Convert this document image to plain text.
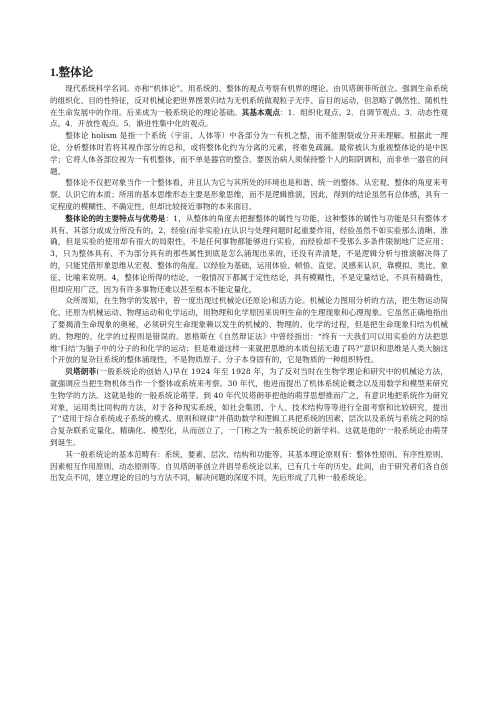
1.整体论

现代系统科学名词。亦称“机体论”。用系统的、整体的观点考察有机界的理论。由贝塔朗菲所创立。强调生命系统的组织化、目的性特征，反对机械论把世界图景归结为无机系统做观粒子无序、盲目的运动，但忽略了偶然性、随机性在生命发展中的作用。后来成为一般系统论的理论基础。其基本观点：1．组织化观点。2．自调节观点。3．动态性观点。4．开放性观点。5．渐进性集中化的观点。

整体论 holism 是指一个系统（宇宙、人体等）中各部分为一有机之整，而不能割裂或分开来理解。根据此一理论，分析整体时若将其视作部分的总和，或将整体化约为分离的元素，将难免疏漏。最常被认为重视整体论的是中医学；它将人体各部位视为一有机整体，而不单是器官的整合。要医治病人须保持整个人的阳阴调和，而非单一器官的问题。

整体论不仅把对象当作一个整体看，并且认为它与其所处的环境也是和谐、统一的整体。从宏观、整体的角度来考察、认识它的本质；所用的基本思维形态主要是形象思维，而不是逻辑推演，因此，得到的结论虽然有总体感，具有一定程度的模糊性、不确定性，但却比较接近事物的本来面目。

整体论的的主要特点与优势是：1，从整体的角度去把握整体的属性与功能，这种整体的属性与功能是只有整体才具有、其部分或成分所没有的。2，经验(而非实验)在认识与处理问题时起重要作用，经验虽然不如实验那么清晰、准确，但是实验的使用却有很大的局限性，不是任何事物都能够进行实验，而经验却不受那么多条件限制地广泛应用；3，只为整体具有、不为部分具有的那些属性到底是怎么涌现出来的，还没有弄清楚，不是逻辑分析与推演解决得了的，只能凭借形象思维从宏观、整体的角度。以经验为基础，运用体验、顿悟、直觉、灵感来认识，靠模拟、类比、象征、比喻来说明。4，整体论所得的结论，一般情况下都属于定性结论，具有模糊性，不是定量结论，不具有精确性，但却应用广泛，因为有许多事物还难以甚至根本不能定量化。

众所周知，在生物学的发展中，曾一度出现过机械论(还原论)和活力论。机械论力图用分析的方法，把生物运动简化、还原为机械运动、物理运动和化学运动，用物理和化学原因来说明生命的生理现象和心理现象。它虽然正确地指出了要揭清生命现象的奥秘，必须研究生命现象赖以发生的机械的、物理的、化学的过程，但是把生命现象归结为机械的、物理的、化学的过程则是错误的。恩格斯在《自然辩证法》中曾经指出：“终有一天我们可以用实验的方法把思维‘归结’为脑子中的分子的和化学的运动；但是难道这样一来就把思维的本质包括无遗了吗?”意识和思维是人类大脑这个开放的复杂巨系统的整体涌现性，不是物质原子、分子本身固有的，它是物质的一种组织特性。

贝塔朗菲(一般系统论的创始人)早在 1924 年至 1928 年，为了反对当时在生物学理论和研究中的机械论方法，就强调应当把生物机体当作一个整体或系统来考察。30 年代，他进而提出了机体系统论概念以及用数学和模型来研究生物学的方法。这就是他的一般系统论萌芽。到 40 年代贝塔朗菲把他的萌芽思想推而广之，有意识地把系统作为研究对象，运用类比同构的方法，对于各种现实系统，如社会集团、个人、技术结构等等进行全面考察和比较研究，提出了“适用于综合系统或子系统的模式、原则和规律”并借助数学和逻辑工具把系统的因素、层次以及系统与系统之间的综合复杂联系定量化、精确化、模型化，从而创立了，一门称之为一般系统论的新学科。这就是他的‘一般系统论由萌芽到诞生。

其一般系统论的基本范畴有：系统、要素、层次、结构和功能等。其基本理论原则有：整体性原则、有序性原则、因素相互作用原则、动态原则等。自贝塔朗菲创立并倡导系统论以来，已有几十年的历史。此间，由于研究者们各自创出发点不同，建立理论的目的与方法不同，解决问题的深度不同，先后形成了几种一般系统论。
